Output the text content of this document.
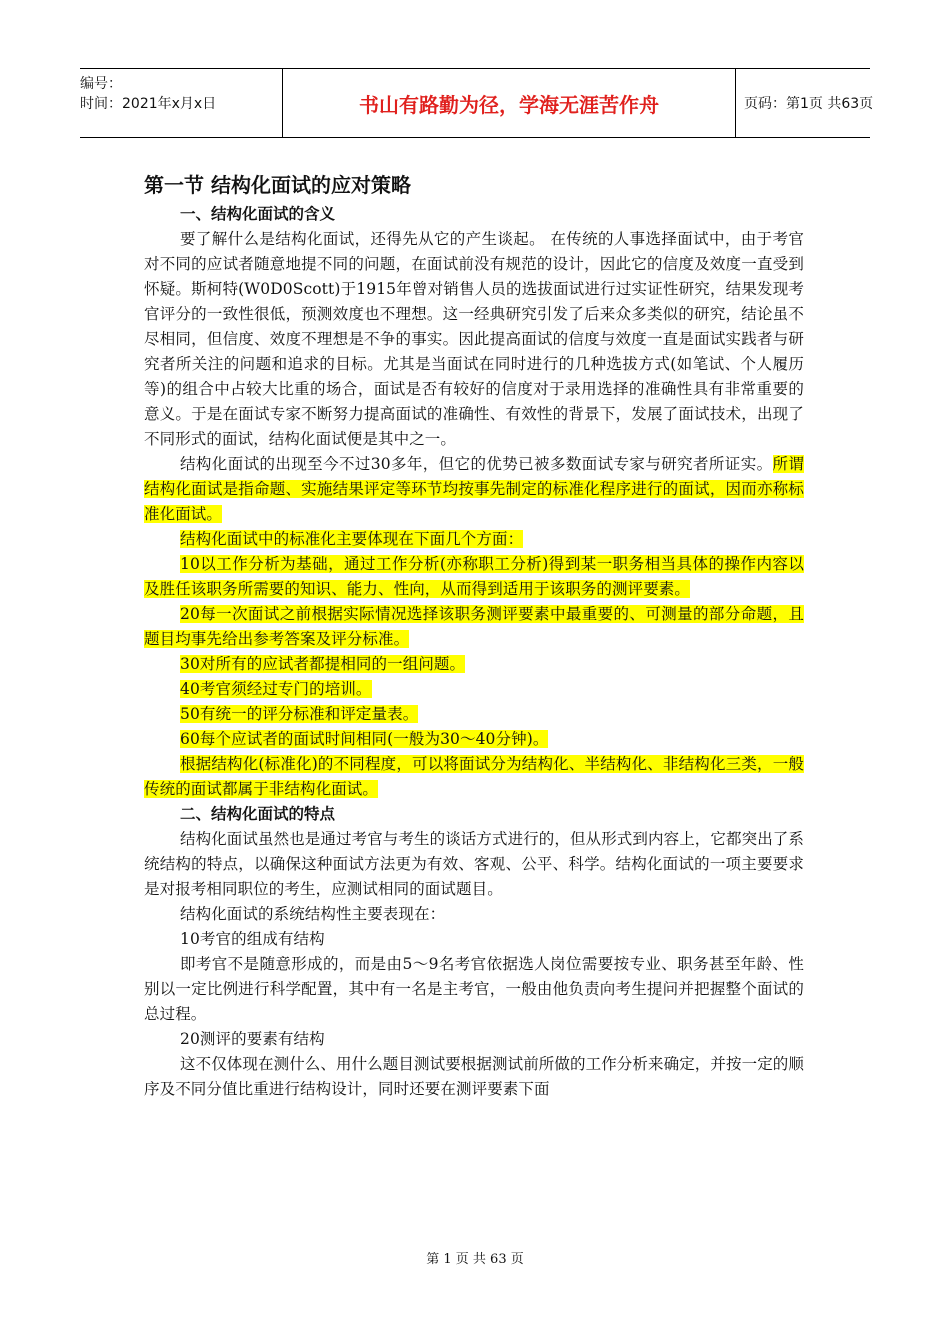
编号：
时间：2021年x月x日	书山有路勤为径，学海无涯苦作舟	页码：第1页 共63页
第一节 结构化面试的应对策略
一、结构化面试的含义

要了解什么是结构化面试，还得先从它的产生谈起。 在传统的人事选择面试中，由于考官对不同的应试者随意地提不同的问题，在面试前没有规范的设计，因此它的信度及效度一直受到怀疑。斯柯特(W0D0Scott)于1915年曾对销售人员的选拔面试进行过实证性研究，结果发现考官评分的一致性很低，预测效度也不理想。这一经典研究引发了后来众多类似的研究，结论虽不尽相同，但信度、效度不理想是不争的事实。因此提高面试的信度与效度一直是面试实践者与研究者所关注的问题和追求的目标。尤其是当面试在同时进行的几种选拔方式(如笔试、个人履历等)的组合中占较大比重的场合，面试是否有较好的信度对于录用选择的准确性具有非常重要的意义。于是在面试专家不断努力提高面试的准确性、有效性的背景下，发展了面试技术，出现了不同形式的面试，结构化面试便是其中之一。

结构化面试的出现至今不过30多年，但它的优势已被多数面试专家与研究者所证实。所谓结构化面试是指命题、实施结果评定等环节均按事先制定的标准化程序进行的面试，因而亦称标准化面试。

结构化面试中的标准化主要体现在下面几个方面：

10以工作分析为基础，通过工作分析(亦称职工分析)得到某一职务相当具体的操作内容以及胜任该职务所需要的知识、能力、性向，从而得到适用于该职务的测评要素。

20每一次面试之前根据实际情况选择该职务测评要素中最重要的、可测量的部分命题，且题目均事先给出参考答案及评分标准。

30对所有的应试者都提相同的一组问题。

40考官须经过专门的培训。

50有统一的评分标准和评定量表。

60每个应试者的面试时间相同(一般为30～40分钟)。

根据结构化(标准化)的不同程度，可以将面试分为结构化、半结构化、非结构化三类，一般传统的面试都属于非结构化面试。

二、结构化面试的特点

结构化面试虽然也是通过考官与考生的谈话方式进行的，但从形式到内容上，它都突出了系统结构的特点，以确保这种面试方法更为有效、客观、公平、科学。结构化面试的一项主要要求是对报考相同职位的考生，应测试相同的面试题目。

结构化面试的系统结构性主要表现在：

10考官的组成有结构

即考官不是随意形成的，而是由5～9名考官依据选人岗位需要按专业、职务甚至年龄、性别以一定比例进行科学配置，其中有一名是主考官，一般由他负责向考生提问并把握整个面试的总过程。

20测评的要素有结构

这不仅体现在测什么、用什么题目测试要根据测试前所做的工作分析来确定，并按一定的顺序及不同分值比重进行结构设计，同时还要在测评要素下面

第 1 页 共 63 页
